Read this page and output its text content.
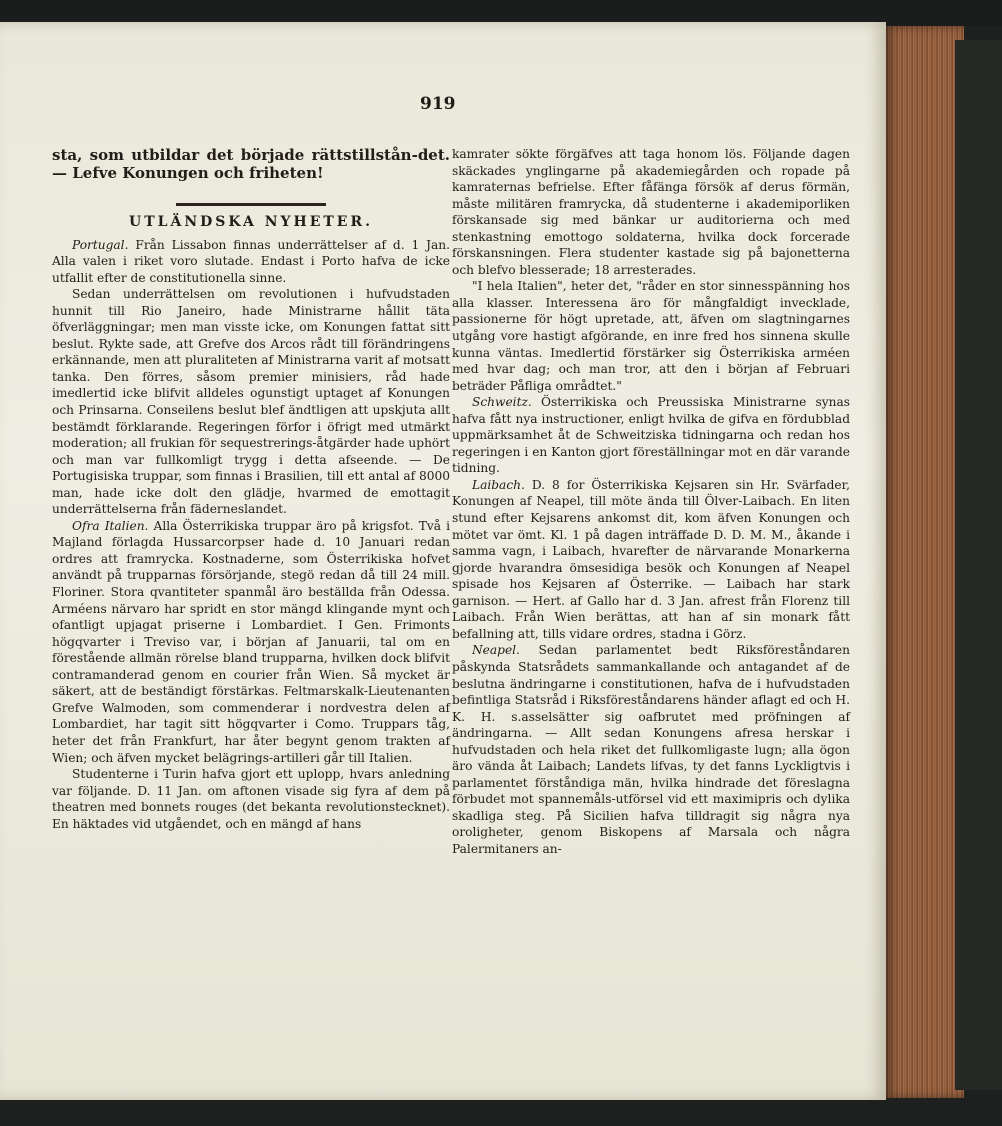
919

sta, som utbildar det började rättstillstån-det. — Lefve Konungen och friheten!

UTLÄNDSKA NYHETER.

Portugal. Från Lissabon finnas underrättelser af d. 1 Jan. Alla valen i riket voro slutade. Endast i Porto hafva de icke utfallit efter de constitutionella sinne.

Sedan underrättelsen om revolutionen i hufvudstaden hunnit till Rio Janeiro, hade Ministrarne hållit täta öfverläggningar; men man visste icke, om Konungen fattat sitt beslut. Rykte sade, att Grefve dos Arcos rådt till förändringens erkännande, men att pluraliteten af Ministrarna varit af motsatt tanka. Den förres, såsom premier minisiers, råd hade imedlertid icke blifvit alldeles ogunstigt uptaget af Konungen och Prinsarna. Conseilens beslut blef ändtligen att upskjuta allt bestämdt förklarande. Regeringen förfor i öfrigt med utmärkt moderation; all frukian för sequestrerings-åtgärder hade uphört och man var fullkomligt trygg i detta afseende. — De Portugisiska truppar, som finnas i Brasilien, till ett antal af 8000 man, hade icke dolt den glädje, hvarmed de emottagit underrättelserna från fäderneslandet.

Ofra Italien. Alla Österrikiska truppar äro på krigsfot. Två i Majland förlagda Hussarcorpser hade d. 10 Januari redan ordres att framrycka. Kostnaderne, som Österrikiska hofvet användt på trupparnas försörjande, stegö redan då till 24 mill. Floriner. Stora qvantiteter spanmål äro beställda från Odessa. Arméens närvaro har spridt en stor mängd klingande mynt och ofantligt upjagat priserne i Lombardiet. I Gen. Frimonts högqvarter i Treviso var, i början af Januarii, tal om en förestående allmän rörelse bland trupparna, hvilken dock blifvit contramanderad genom en courier från Wien. Så mycket är säkert, att de beständigt förstärkas. Feltmarskalk-Lieutenanten Grefve Walmoden, som commenderar i nordvestra delen af Lombardiet, har tagit sitt högqvarter i Como. Truppars tåg, heter det från Frankfurt, har åter begynt genom trakten af Wien; och äfven mycket belägrings-artilleri går till Italien.

Studenterne i Turin hafva gjort ett uplopp, hvars anledning var följande. D. 11 Jan. om aftonen visade sig fyra af dem på theatren med bonnets rouges (det bekanta revolutionstecknet). En häktades vid utgåendet, och en mängd af hans

kamrater sökte förgäfves att taga honom lös. Följande dagen skäckades ynglingarne på akademiegården och ropade på kamraternas befrielse. Efter fåfänga försök af derus förmän, måste militären framrycka, då studenterne i akademiporliken förskansade sig med bänkar ur auditorierna och med stenkastning emottogo soldaterna, hvilka dock forcerade förskansningen. Flera studenter kastade sig på bajonetterna och blefvo blesserade; 18 arresterades.

"I hela Italien", heter det, "råder en stor sinnesspänning hos alla klasser. Interessena äro för mångfaldigt invecklade, passionerne för högt upretade, att, äfven om slagtningarnes utgång vore hastigt afgörande, en inre fred hos sinnena skulle kunna väntas. Imedlertid förstärker sig Österrikiska arméen med hvar dag; och man tror, att den i början af Februari beträder Påfliga områdtet."

Schweitz. Österrikiska och Preussiska Ministrarne synas hafva fått nya instructioner, enligt hvilka de gifva en fördubblad uppmärksamhet åt de Schweitziska tidningarna och redan hos regeringen i en Kanton gjort föreställningar mot en där varande tidning.

Laibach. D. 8 for Österrikiska Kejsaren sin Hr. Svärfader, Konungen af Neapel, till möte ända till Ölver-Laibach. En liten stund efter Kejsarens ankomst dit, kom äfven Konungen och mötet var ömt. Kl. 1 på dagen inträffade D. D. M. M., åkande i samma vagn, i Laibach, hvarefter de närvarande Monarkerna gjorde hvarandra ömsesidiga besök och Konungen af Neapel spisade hos Kejsaren af Österrike. — Laibach har stark garnison. — Hert. af Gallo har d. 3 Jan. afrest från Florenz till Laibach. Från Wien berättas, att han af sin monark fått befallning att, tills vidare ordres, stadna i Görz.

Neapel. Sedan parlamentet bedt Riksföreståndaren påskynda Statsrådets sammankallande och antagandet af de beslutna ändringarne i constitutionen, hafva de i hufvudstaden befintliga Statsråd i Riksföreståndarens händer aflagt ed och H. K. H. s.asselsätter sig oafbrutet med pröfningen af ändringarna. — Allt sedan Konungens afresa herskar i hufvudstaden och hela riket det fullkomligaste lugn; alla ögon äro vända åt Laibach; Landets lifvas, ty det fanns Lyckligtvis i parlamentet förståndiga män, hvilka hindrade det föreslagna förbudet mot spannemåls-utförsel vid ett maximipris och dylika skadliga steg. På Sicilien hafva tilldragit sig några nya oroligheter, genom Biskopens af Marsala och några Palermitaners an-
